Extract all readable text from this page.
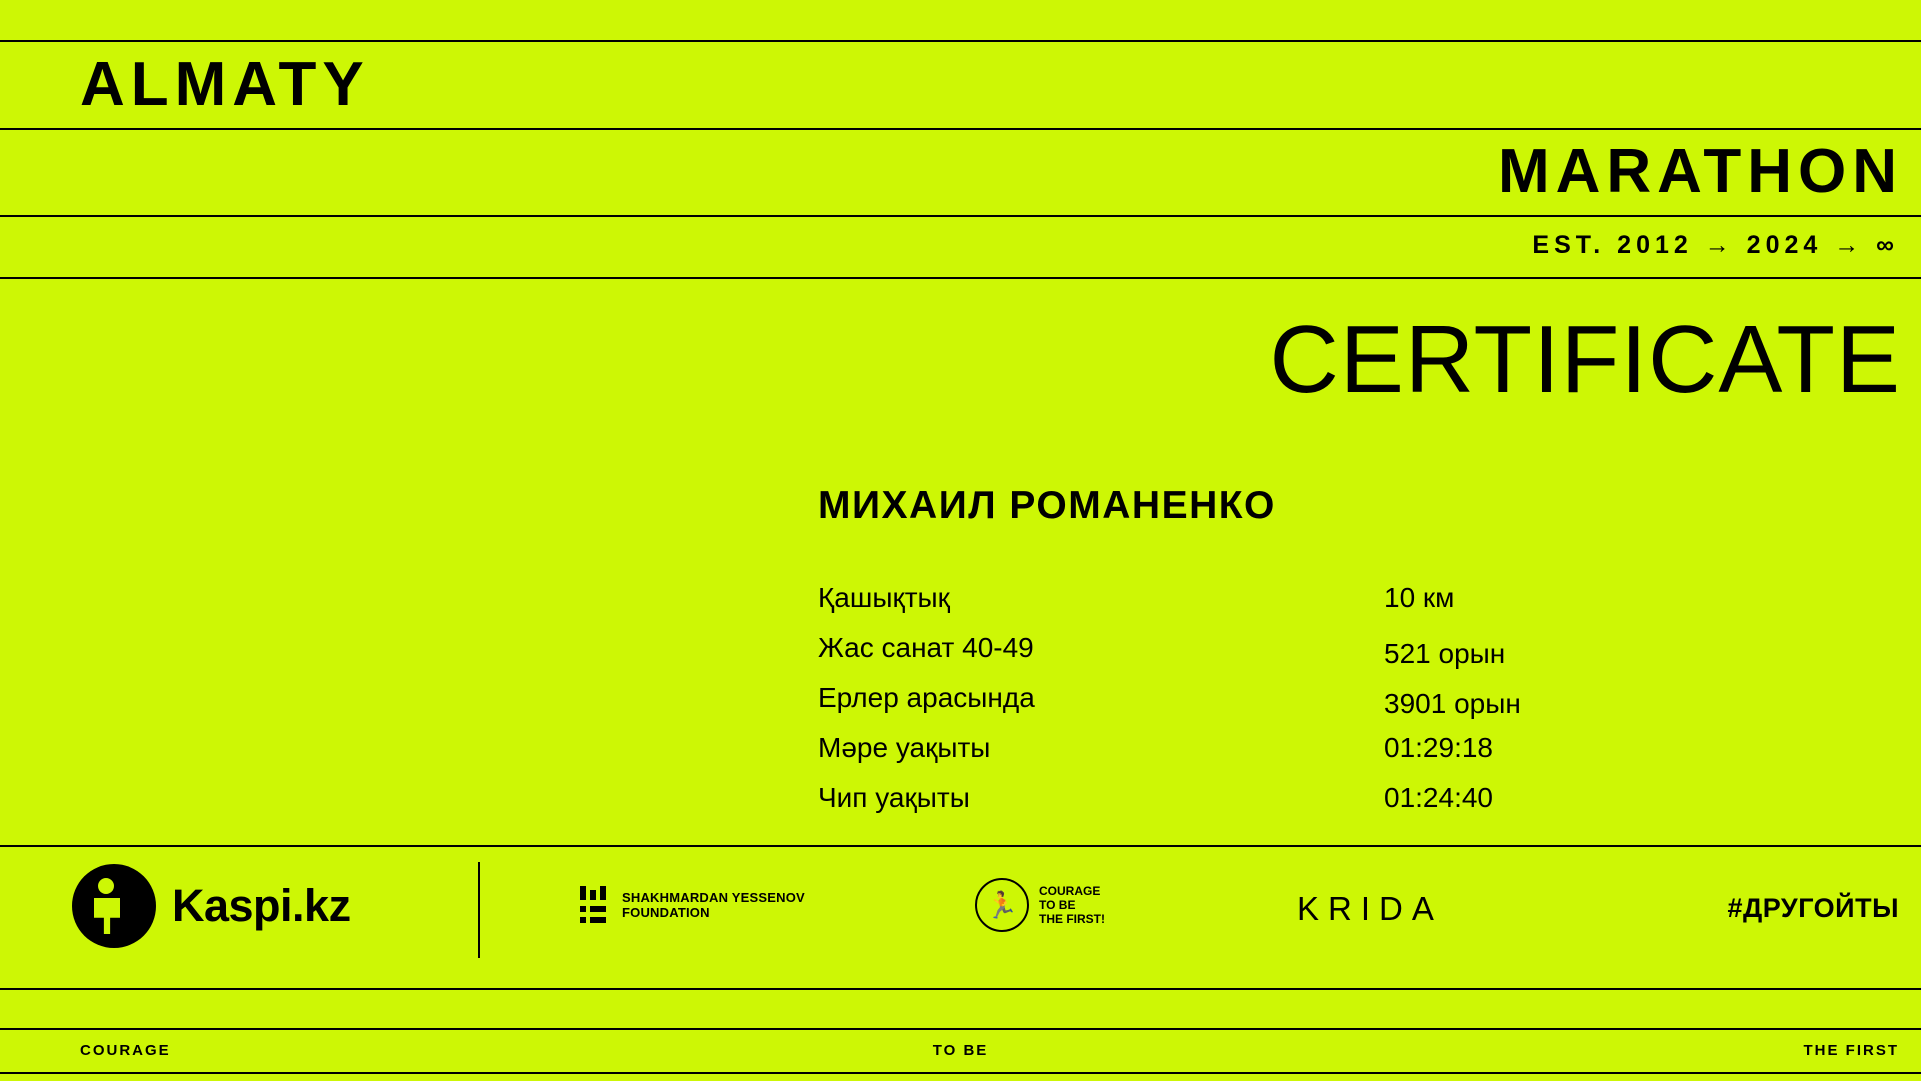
ALMATY
MARATHON
EST. 2012 → 2024 → ∞
CERTIFICATE
МИХАИЛ РОМАНЕНКО
Қашықтық	10 км
Жас санат 40-49	521 орын
Ерлер арасында	3901 орын
Мәре уақыты	01:29:18
Чип уақыты	01:24:40
Kaspi.kz	SHAKHMARDAN YESSENOV
FOUNDATION	🏃 COURAGE
TO BE
THE FIRST!	KRIDA	#ДРУГОЙТЫ
COURAGE	TO BE	THE FIRST
